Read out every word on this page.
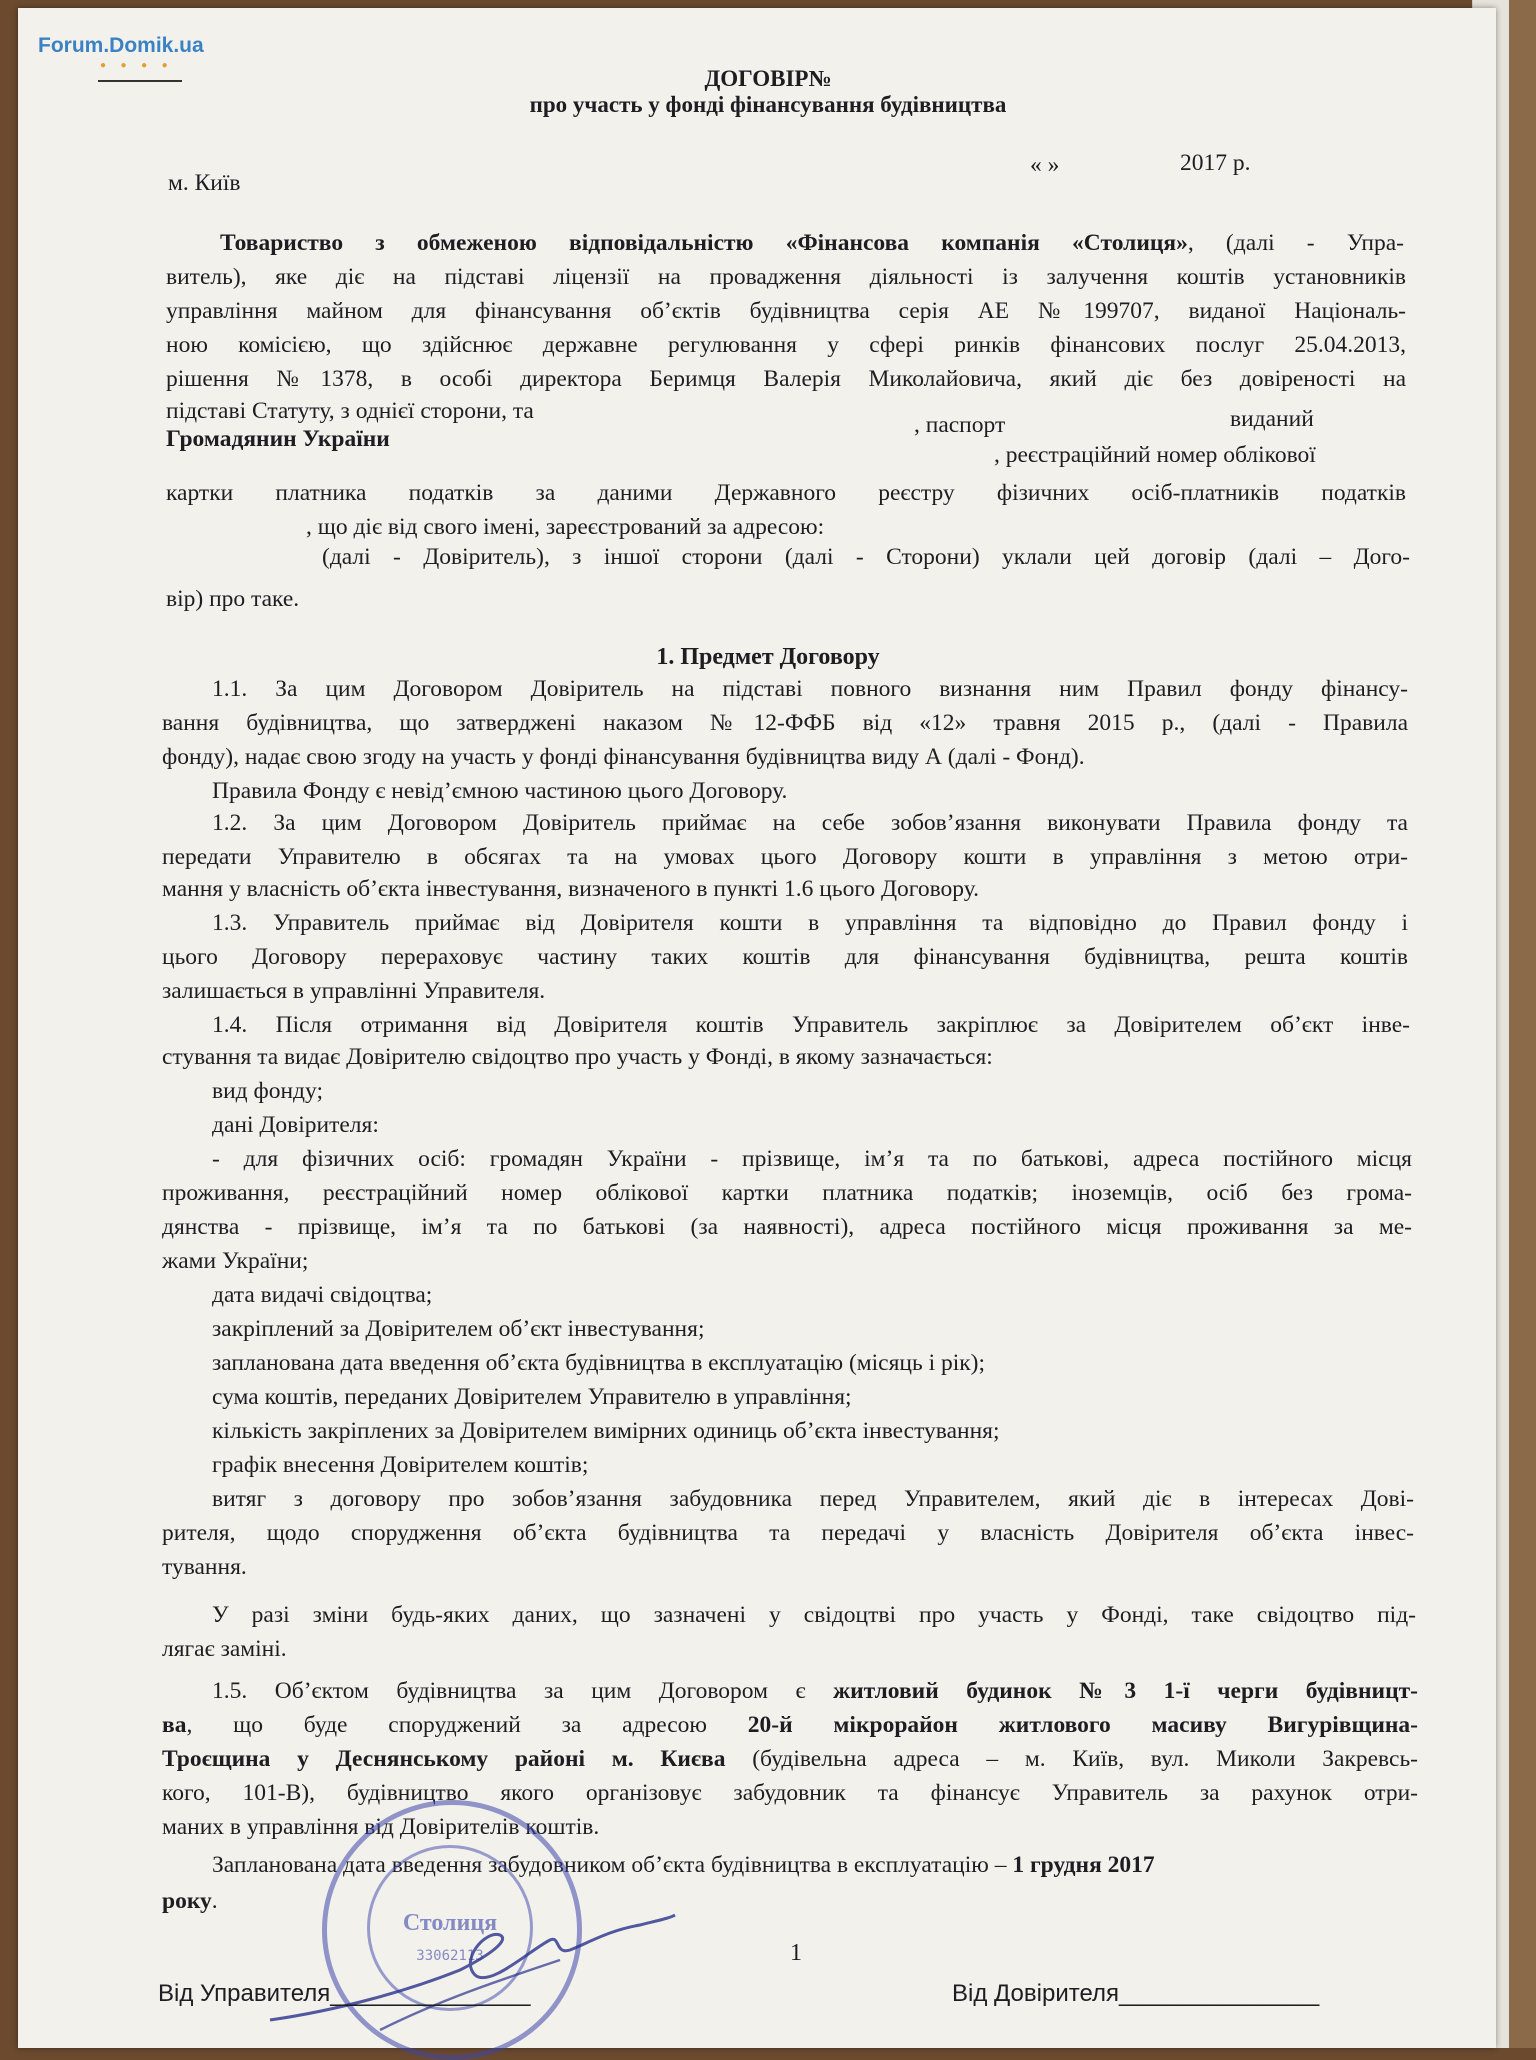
Forum.Domik.ua
● ● ● ●
ДОГОВІР№
про участь у фонді фінансування будівництва
м. Київ
« »	2017 р.
Товариство з обмеженою відповідальністю «Фінансова компанія «Столиця», (далі - Упра-
витель), яке діє на підставі ліцензії на провадження діяльності із залучення коштів установників
управління майном для фінансування об’єктів будівництва серія АЕ №199707, виданої Національ-
ною комісією, що здійснює державне регулювання у сфері ринків фінансових послуг 25.04.2013,
рішення №1378, в особі директора Беримця Валерія Миколайовича, який діє без довіреності на
підставі Статуту, з однієї сторони, та
Громадянин України
, паспорт	виданий
, реєстраційний номер облікової
картки платника податків за даними Державного реєстру фізичних осіб-платників податків
, що діє від свого імені, зареєстрований за адресою:
(далі - Довіритель), з іншої сторони (далі - Сторони) уклали цей договір (далі – Дого-
вір) про таке.
1. Предмет Договору
1.1. За цим Договором Довіритель на підставі повного визнання ним Правил фонду фінансу-
вання будівництва, що затверджені наказом №12-ФФБ від «12» травня 2015 р., (далі - Правила
фонду), надає свою згоду на участь у фонді фінансування будівництва виду А (далі - Фонд).
Правила Фонду є невід’ємною частиною цього Договору.
1.2. За цим Договором Довіритель приймає на себе зобов’язання виконувати Правила фонду та
передати Управителю в обсягах та на умовах цього Договору кошти в управління з метою отри-
мання у власність об’єкта інвестування, визначеного в пункті 1.6 цього Договору.
1.3. Управитель приймає від Довірителя кошти в управління та відповідно до Правил фонду і
цього Договору перераховує частину таких коштів для фінансування будівництва, решта коштів
залишається в управлінні Управителя.
1.4. Після отримання від Довірителя коштів Управитель закріплює за Довірителем об’єкт інве-
стування та видає Довірителю свідоцтво про участь у Фонді, в якому зазначається:
вид фонду;
дані Довірителя:
- для фізичних осіб: громадян України - прізвище, ім’я та по батькові, адреса постійного місця
проживання, реєстраційний номер облікової картки платника податків; іноземців, осіб без грома-
дянства - прізвище, ім’я та по батькові (за наявності), адреса постійного місця проживання за ме-
жами України;
дата видачі свідоцтва;
закріплений за Довірителем об’єкт інвестування;
запланована дата введення об’єкта будівництва в експлуатацію (місяць і рік);
сума коштів, переданих Довірителем Управителю в управління;
кількість закріплених за Довірителем вимірних одиниць об’єкта інвестування;
графік внесення Довірителем коштів;
витяг з договору про зобов’язання забудовника перед Управителем, який діє в інтересах Дові-
рителя, щодо спорудження об’єкта будівництва та передачі у власність Довірителя об’єкта інвес-
тування.
У разі зміни будь-яких даних, що зазначені у свідоцтві про участь у Фонді, таке свідоцтво під-
лягає заміні.
1.5. Об’єктом будівництва за цим Договором є житловий будинок №3 1-ї черги будівницт-
ва, що буде споруджений за адресою 20-й мікрорайон житлового масиву Вигурівщина-
Троєщина у Деснянському районі м. Києва (будівельна адреса – м. Київ, вул. Миколи Закревсь-
кого, 101-В), будівництво якого організовує забудовник та фінансує Управитель за рахунок отри-
маних в управління від Довірителів коштів.
Запланована дата введення забудовником об’єкта будівництва в експлуатацію – 1 грудня 2017
року.
Столиця
33062113	1
Від Управителя_______________	Від Довірителя_______________
